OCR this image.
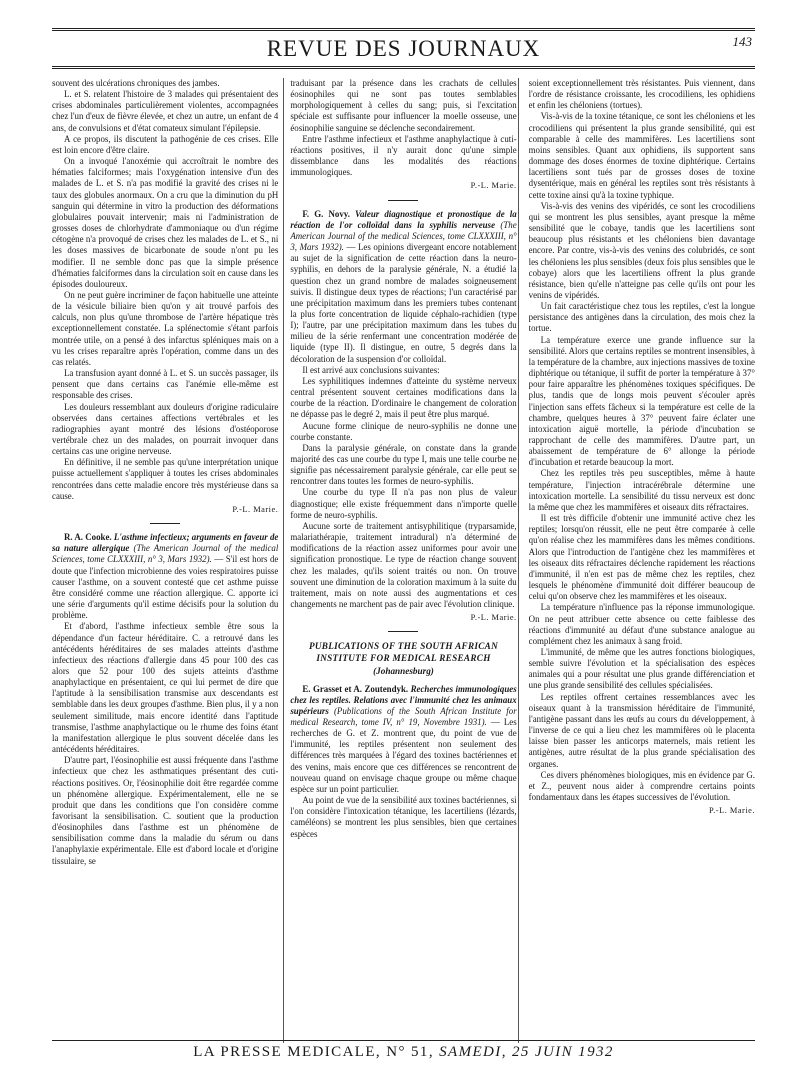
REVUE DES JOURNAUX	143

souvent des ulcérations chroniques des jambes.

L. et S. relatent l'histoire de 3 malades qui présentaient des crises abdominales particulièrement violentes, accompagnées chez l'un d'eux de fièvre élevée, et chez un autre, un enfant de 4 ans, de convulsions et d'état comateux simulant l'épilepsie.

A ce propos, ils discutent la pathogénie de ces crises. Elle est loin encore d'être claire.

On a invoqué l'anoxémie qui accroîtrait le nombre des hématies falciformes; mais l'oxygénation intensive d'un des malades de L. et S. n'a pas modifié la gravité des crises ni le taux des globules anormaux. On a cru que la diminution du pH sanguin qui détermine in vitro la production des déformations globulaires pouvait intervenir; mais ni l'administration de grosses doses de chlorhydrate d'ammoniaque ou d'un régime cétogène n'a provoqué de crises chez les malades de L. et S., ni les doses massives de bicarbonate de soude n'ont pu les modifier. Il ne semble donc pas que la simple présence d'hématies falciformes dans la circulation soit en cause dans les épisodes douloureux.

On ne peut guère incriminer de façon habituelle une atteinte de la vésicule biliaire bien qu'on y ait trouvé parfois des calculs, non plus qu'une thrombose de l'artère hépatique très exceptionnellement constatée. La splénectomie s'étant parfois montrée utile, on a pensé à des infarctus spléniques mais on a vu les crises reparaître après l'opération, comme dans un des cas relatés.

La transfusion ayant donné à L. et S. un succès passager, ils pensent que dans certains cas l'anémie elle-même est responsable des crises.

Les douleurs ressemblant aux douleurs d'origine radiculaire observées dans certaines affections vertébrales et les radiographies ayant montré des lésions d'ostéoporose vertébrale chez un des malades, on pourrait invoquer dans certains cas une origine nerveuse.

En définitive, il ne semble pas qu'une interprétation unique puisse actuellement s'appliquer à toutes les crises abdominales rencontrées dans cette maladie encore très mystérieuse dans sa cause.

P.-L. Marie.

R. A. Cooke. L'asthme infectieux; arguments en faveur de sa nature allergique (The American Journal of the medical Sciences, tome CLXXXIII, n° 3, Mars 1932). — S'il est hors de doute que l'infection microbienne des voies respiratoires puisse causer l'asthme, on a souvent contesté que cet asthme puisse être considéré comme une réaction allergique. C. apporte ici une série d'arguments qu'il estime décisifs pour la solution du problème.

Et d'abord, l'asthme infectieux semble être sous la dépendance d'un facteur héréditaire. C. a retrouvé dans les antécédents héréditaires de ses malades atteints d'asthme infectieux des réactions d'allergie dans 45 pour 100 des cas alors que 52 pour 100 des sujets atteints d'asthme anaphylactique en présentaient, ce qui lui permet de dire que l'aptitude à la sensibilisation transmise aux descendants est semblable dans les deux groupes d'asthme. Bien plus, il y a non seulement similitude, mais encore identité dans l'aptitude transmise, l'asthme anaphylactique ou le rhume des foins étant la manifestation allergique le plus souvent décelée dans les antécédents héréditaires.

D'autre part, l'éosinophilie est aussi fréquente dans l'asthme infectieux que chez les asthmatiques présentant des cuti-réactions positives. Or, l'éosinophilie doit être regardée comme un phénomène allergique. Expérimentalement, elle ne se produit que dans les conditions que l'on considère comme favorisant la sensibilisation. C. soutient que la production d'éosinophiles dans l'asthme est un phénomène de sensibilisation comme dans la maladie du sérum ou dans l'anaphylaxie expérimentale. Elle est d'abord locale et d'origine tissulaire, se

traduisant par la présence dans les crachats de cellules éosinophiles qui ne sont pas toutes semblables morphologiquement à celles du sang; puis, si l'excitation spéciale est suffisante pour influencer la moelle osseuse, une éosinophilie sanguine se déclenche secondairement.

Entre l'asthme infectieux et l'asthme anaphylactique à cuti-réactions positives, il n'y aurait donc qu'une simple dissemblance dans les modalités des réactions immunologiques.

P.-L. Marie.

F. G. Novy. Valeur diagnostique et pronostique de la réaction de l'or colloïdal dans la syphilis nerveuse (The American Journal of the medical Sciences, tome CLXXXIII, n° 3, Mars 1932). — Les opinions divergeant encore notablement au sujet de la signification de cette réaction dans la neuro-syphilis, en dehors de la paralysie générale, N. a étudié la question chez un grand nombre de malades soigneusement suivis. Il distingue deux types de réactions; l'un caractérisé par une précipitation maximum dans les premiers tubes contenant la plus forte concentration de liquide céphalo-rachidien (type I); l'autre, par une précipitation maximum dans les tubes du milieu de la série renfermant une concentration modérée de liquide (type II). Il distingue, en outre, 5 degrés dans la décoloration de la suspension d'or colloïdal.

Il est arrivé aux conclusions suivantes:

Les syphilitiques indemnes d'atteinte du système nerveux central présentent souvent certaines modifications dans la courbe de la réaction. D'ordinaire le changement de coloration ne dépasse pas le degré 2, mais il peut être plus marqué.

Aucune forme clinique de neuro-syphilis ne donne une courbe constante.

Dans la paralysie générale, on constate dans la grande majorité des cas une courbe du type I, mais une telle courbe ne signifie pas nécessairement paralysie générale, car elle peut se rencontrer dans toutes les formes de neuro-syphilis.

Une courbe du type II n'a pas non plus de valeur diagnostique; elle existe fréquemment dans n'importe quelle forme de neuro-syphilis.

Aucune sorte de traitement antisyphilitique (tryparsamide, malariathérapie, traitement intradural) n'a déterminé de modifications de la réaction assez uniformes pour avoir une signification pronostique. Le type de réaction change souvent chez les malades, qu'ils soient traités ou non. On trouve souvent une diminution de la coloration maximum à la suite du traitement, mais on note aussi des augmentations et ces changements ne marchent pas de pair avec l'évolution clinique.

P.-L. Marie.
PUBLICATIONS OF THE SOUTH AFRICAN INSTITUTE FOR MEDICAL RESEARCH
(Johannesburg)

E. Grasset et A. Zoutendyk. Recherches immunologiques chez les reptiles. Relations avec l'immunité chez les animaux supérieurs (Publications of the South African Institute for medical Research, tome IV, n° 19, Novembre 1931). — Les recherches de G. et Z. montrent que, du point de vue de l'immunité, les reptiles présentent non seulement des différences très marquées à l'égard des toxines bactériennes et des venins, mais encore que ces différences se rencontrent de nouveau quand on envisage chaque groupe ou même chaque espèce sur un point particulier.

Au point de vue de la sensibilité aux toxines bactériennes, si l'on considère l'intoxication tétanique, les lacertiliens (lézards, caméléons) se montrent les plus sensibles, bien que certaines espèces

soient exceptionnellement très résistantes. Puis viennent, dans l'ordre de résistance croissante, les crocodiliens, les ophidiens et enfin les chéloniens (tortues).

Vis-à-vis de la toxine tétanique, ce sont les chéloniens et les crocodiliens qui présentent la plus grande sensibilité, qui est comparable à celle des mammifères. Les lacertiliens sont moins sensibles. Quant aux ophidiens, ils supportent sans dommage des doses énormes de toxine diphtérique. Certains lacertiliens sont tués par de grosses doses de toxine dysentérique, mais en général les reptiles sont très résistants à cette toxine ainsi qu'à la toxine typhique.

Vis-à-vis des venins des vipéridés, ce sont les crocodiliens qui se montrent les plus sensibles, ayant presque la même sensibilité que le cobaye, tandis que les lacertiliens sont beaucoup plus résistants et les chéloniens bien davantage encore. Par contre, vis-à-vis des venins des colubridés, ce sont les chéloniens les plus sensibles (deux fois plus sensibles que le cobaye) alors que les lacertiliens offrent la plus grande résistance, bien qu'elle n'atteigne pas celle qu'ils ont pour les venins de vipéridés.

Un fait caractéristique chez tous les reptiles, c'est la longue persistance des antigènes dans la circulation, des mois chez la tortue.

La température exerce une grande influence sur la sensibilité. Alors que certains reptiles se montrent insensibles, à la température de la chambre, aux injections massives de toxine diphtérique ou tétanique, il suffit de porter la température à 37° pour faire apparaître les phénomènes toxiques spécifiques. De plus, tandis que de longs mois peuvent s'écouler après l'injection sans effets fâcheux si la température est celle de la chambre, quelques heures à 37° peuvent faire éclater une intoxication aiguë mortelle, la période d'incubation se rapprochant de celle des mammifères. D'autre part, un abaissement de température de 6° allonge la période d'incubation et retarde beaucoup la mort.

Chez les reptiles très peu susceptibles, même à haute température, l'injection intracérébrale détermine une intoxication mortelle. La sensibilité du tissu nerveux est donc la même que chez les mammifères et oiseaux dits réfractaires.

Il est très difficile d'obtenir une immunité active chez les reptiles; lorsqu'on réussit, elle ne peut être comparée à celle qu'on réalise chez les mammifères dans les mêmes conditions. Alors que l'introduction de l'antigène chez les mammifères et les oiseaux dits réfractaires déclenche rapidement les réactions d'immunité, il n'en est pas de même chez les reptiles, chez lesquels le phénomène d'immunité doit différer beaucoup de celui qu'on observe chez les mammifères et les oiseaux.

La température n'influence pas la réponse immunologique. On ne peut attribuer cette absence ou cette faiblesse des réactions d'immunité au défaut d'une substance analogue au complément chez les animaux à sang froid.

L'immunité, de même que les autres fonctions biologiques, semble suivre l'évolution et la spécialisation des espèces animales qui a pour résultat une plus grande différenciation et une plus grande sensibilité des cellules spécialisées.

Les reptiles offrent certaines ressemblances avec les oiseaux quant à la transmission héréditaire de l'immunité, l'antigène passant dans les œufs au cours du développement, à l'inverse de ce qui a lieu chez les mammifères où le placenta laisse bien passer les anticorps maternels, mais retient les antigènes, autre résultat de la plus grande spécialisation des organes.

Ces divers phénomènes biologiques, mis en évidence par G. et Z., peuvent nous aider à comprendre certains points fondamentaux dans les étapes successives de l'évolution.

P.-L. Marie.
LA PRESSE MEDICALE, N° 51, SAMEDI, 25 JUIN 1932
